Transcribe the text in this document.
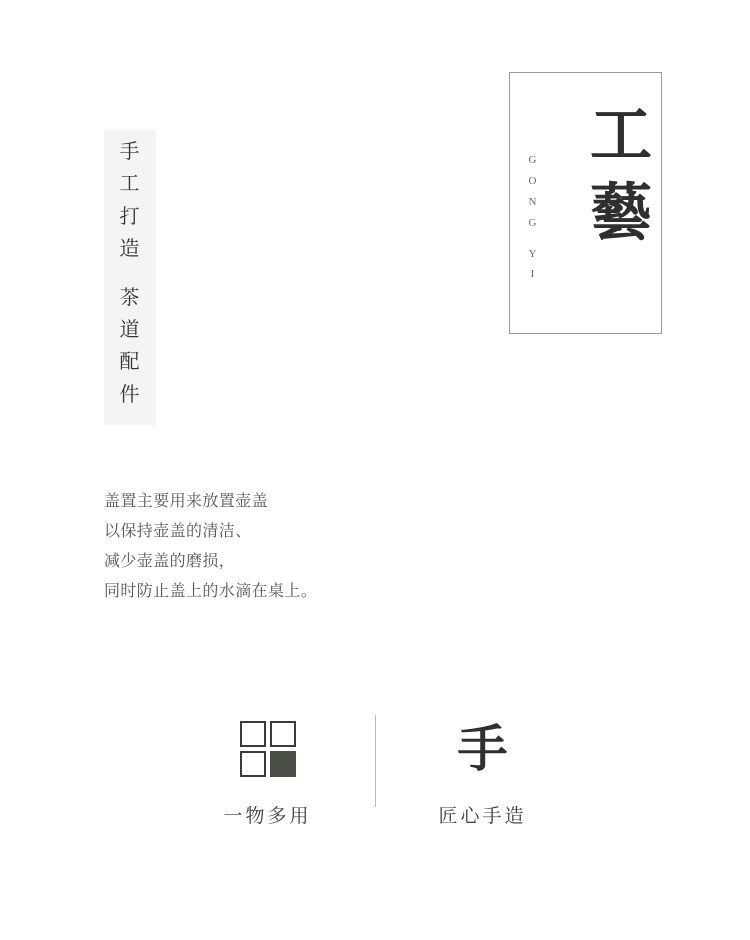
工
藝
G
O
N
G
Y
I
手
工
打
造
茶
道
配
件

盖置主要用来放置壶盖

以保持壶盖的清洁、

减少壶盖的磨损，

同时防止盖上的水滴在桌上。

一物多用
手
匠心手造
